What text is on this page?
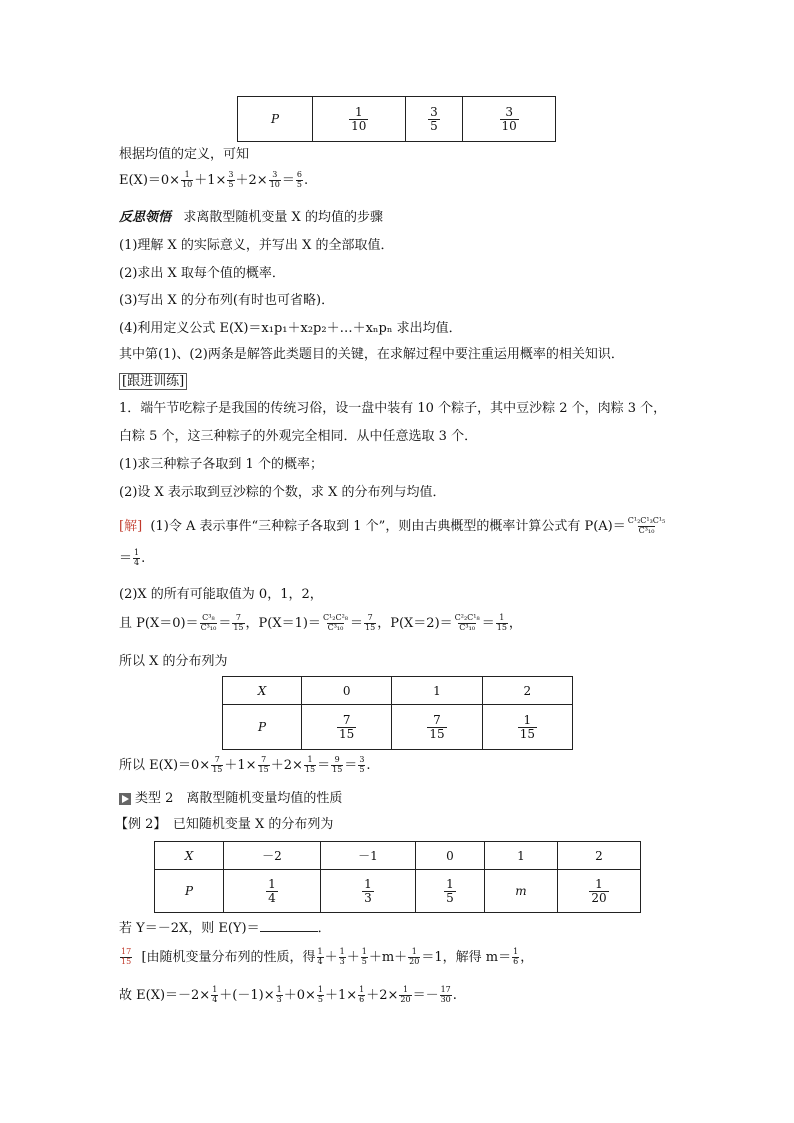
P	$\frac{1}{10}$	$\frac{3}{5}$	$\frac{3}{10}$
根据均值的定义，可知
$E(X)=0\times \frac{1}{10} +1\times \frac{3}{5} +2\times \frac{3}{10} = \frac{6}{5}$ .
反思领悟 求离散型随机变量 X 的均值的步骤
(1)理解 X 的实际意义，并写出 X 的全部取值．
(2)求出 X 取每个值的概率．
(3)写出 X 的分布列(有时也可省略)．
(4)利用定义公式 E(X)＝x₁p₁＋x₂p₂＋…＋xₙpₙ 求出均值．
其中第(1)、(2)两条是解答此类题目的关键，在求解过程中要注重运用概率的相关知识．
[跟进训练]
1．端午节吃粽子是我国的传统习俗，设一盘中装有 10 个粽子，其中豆沙粽 2 个，肉粽 3 个，
白粽 5 个，这三种粽子的外观完全相同．从中任意选取 3 个．
(1)求三种粽子各取到 1 个的概率；
(2)设 X 表示取到豆沙粽的个数，求 X 的分布列与均值．
[解] (1)令 A 表示事件“三种粽子各取到 1 个”，则由古典概型的概率计算公式有 $P(A)= \frac{\text{C¹₂C¹₃C¹₅}}{\text{C³₁₀}}$
＝ $\frac{1}{4}$ .
(2)X 的所有可能取值为 0，1，2，
且 $P(X=0)= \frac{\text{C³₈}}{\text{C³₁₀}} = \frac{7}{15}$ ，$P(X=1)= \frac{\text{C¹₂C²₈}}{\text{C³₁₀}} = \frac{7}{15}$ ，$P(X=2)= \frac{\text{C²₂C¹₈}}{\text{C³₁₀}} = \frac{1}{15}$ ，
所以 X 的分布列为
X	0	1	2
P	$\frac{7}{15}$	$\frac{7}{15}$	$\frac{1}{15}$
所以 $E(X)=0\times \frac{7}{15} +1\times \frac{7}{15} +2\times \frac{1}{15} = \frac{9}{15} = \frac{3}{5}$ .
类型 2　离散型随机变量均值的性质
【例 2】　已知随机变量 X 的分布列为
X	－2	－1	0	1	2
P	$\frac{1}{4}$	$\frac{1}{3}$	$\frac{1}{5}$	m	$\frac{1}{20}$
若 Y＝－2X，则 E(Y)＝	．
$\frac{17}{15}$ [由随机变量分布列的性质，得 $\frac{1}{4} + \frac{1}{3} + \frac{1}{5} +m+ \frac{1}{20} =1$，解得 $m= \frac{1}{6}$ ，
故 $E(X)=-2\times \frac{1}{4} +(-1)\times \frac{1}{3} +0\times \frac{1}{5} +1\times \frac{1}{6} +2\times \frac{1}{20} =- \frac{17}{30}$ .
